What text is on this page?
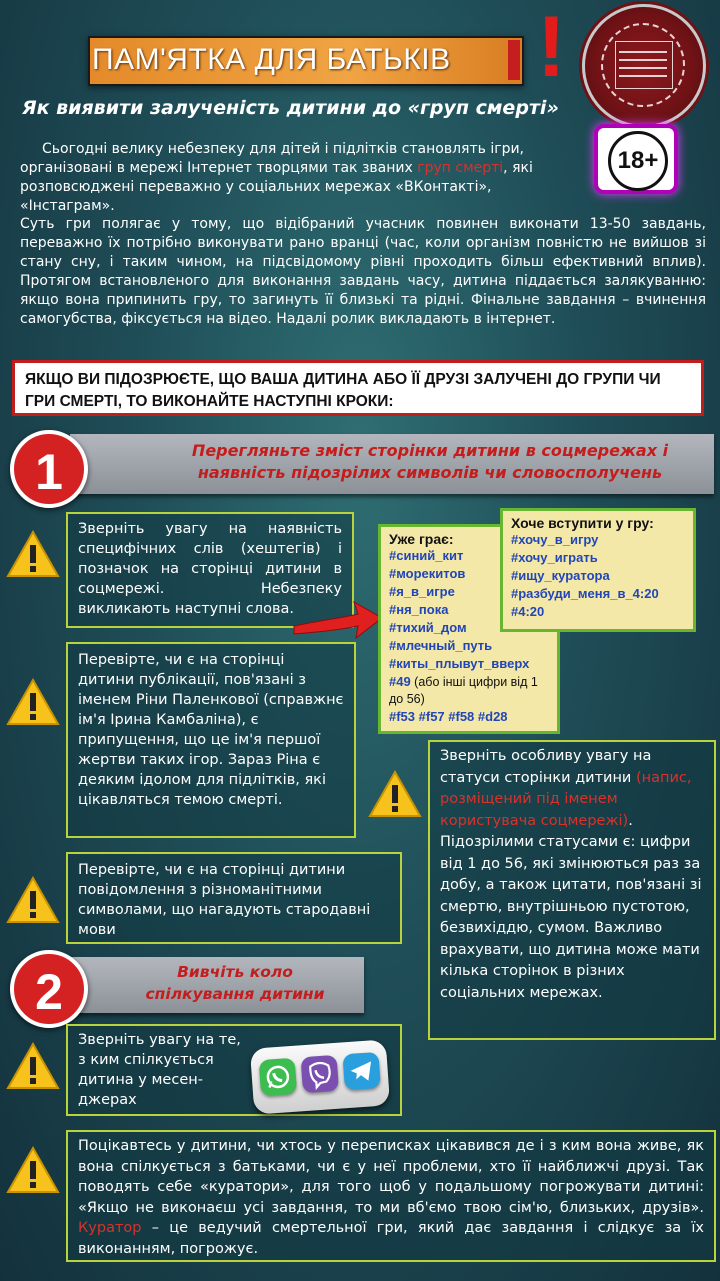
ПАМ'ЯТКА ДЛЯ БАТЬКІВ	!
Як виявити залученість дитини до «груп смерті»
18+
Сьогодні велику небезпеку для дітей і підлітків становлять ігри, організовані в мережі Інтернет творцями так званих груп смерті, які розповсюджені переважно у соціальних мережах «ВКонтакті», «Інстаграм».
Суть гри полягає у тому, що відібраний учасник повинен виконати 13-50 завдань, переважно їх потрібно виконувати рано вранці (час, коли організм повністю не вийшов зі стану сну, і таким чином, на підсвідомому рівні проходить більш ефективний вплив). Протягом встановленого для виконання завдань часу, дитина піддається залякуванню: якщо вона припинить гру, то загинуть її близькі та рідні. Фінальне завдання – вчинення самогубства, фіксується на відео. Надалі ролик викладають в інтернет.
ЯКЩО ВИ ПІДОЗРЮЄТЕ, ЩО ВАША ДИТИНА АБО ЇЇ ДРУЗІ ЗАЛУЧЕНІ ДО ГРУПИ ЧИ ГРИ СМЕРТІ, ТО ВИКОНАЙТЕ НАСТУПНІ КРОКИ:
Перегляньте зміст сторінки дитини в соцмережах і наявність підозрілих символів чи словосполучень
1
Зверніть увагу на наявність специфічних слів (хештегів) і позначок на сторінці дитини в соцмережі. Небезпеку викликають наступні слова.
Перевірте, чи є на сторінці дитини публікації, пов'язані з іменем Ріни Паленкової (справжнє ім'я Ірина Камбаліна), є припущення, що це ім'я першої жертви таких ігор. Зараз Ріна є деяким ідолом для підлітків, які цікавляться темою смерті.
Перевірте, чи є на сторінці дитини повідомлення з різноманітними символами, що нагадують стародавні мови
Уже грає:
#синий_кит
#морекитов
#я_в_игре
#ня_пока
#тихий_дом
#млечный_путь
#киты_плывут_вверх
#49 (або інші цифри від 1 до 56)
#f53 #f57 #f58 #d28
Хоче вступити у гру:
#хочу_в_игру
#хочу_играть
#ищу_куратора
#разбуди_меня_в_4:20
#4:20
Зверніть особливу увагу на статуси сторінки дитини (напис, розміщений під іменем користувача соцмережі). Підозрілими статусами є: цифри від 1 до 56, які змінюються раз за добу, а також цитати, пов'язані зі смертю, внутрішньою пустотою, безвихіддю, сумом. Важливо врахувати, що дитина може мати кілька сторінок в різних соціальних мережах.
Вивчіть коло
спілкування дитини
2
Зверніть увагу на те,
з ким спілкується
дитина у месен-
джерах
Поцікавтесь у дитини, чи хтось у переписках цікавився де і з ким вона живе, як вона спілкується з батьками, чи є у неї проблеми, хто її найближчі друзі. Так поводять себе «куратори», для того щоб у подальшому погрожувати дитині: «Якщо не виконаєш усі завдання, то ми вб'ємо твою сім'ю, близьких, друзів». Куратор – це ведучий смертельної гри, який дає завдання і слідкує за їх виконанням, погрожує.
